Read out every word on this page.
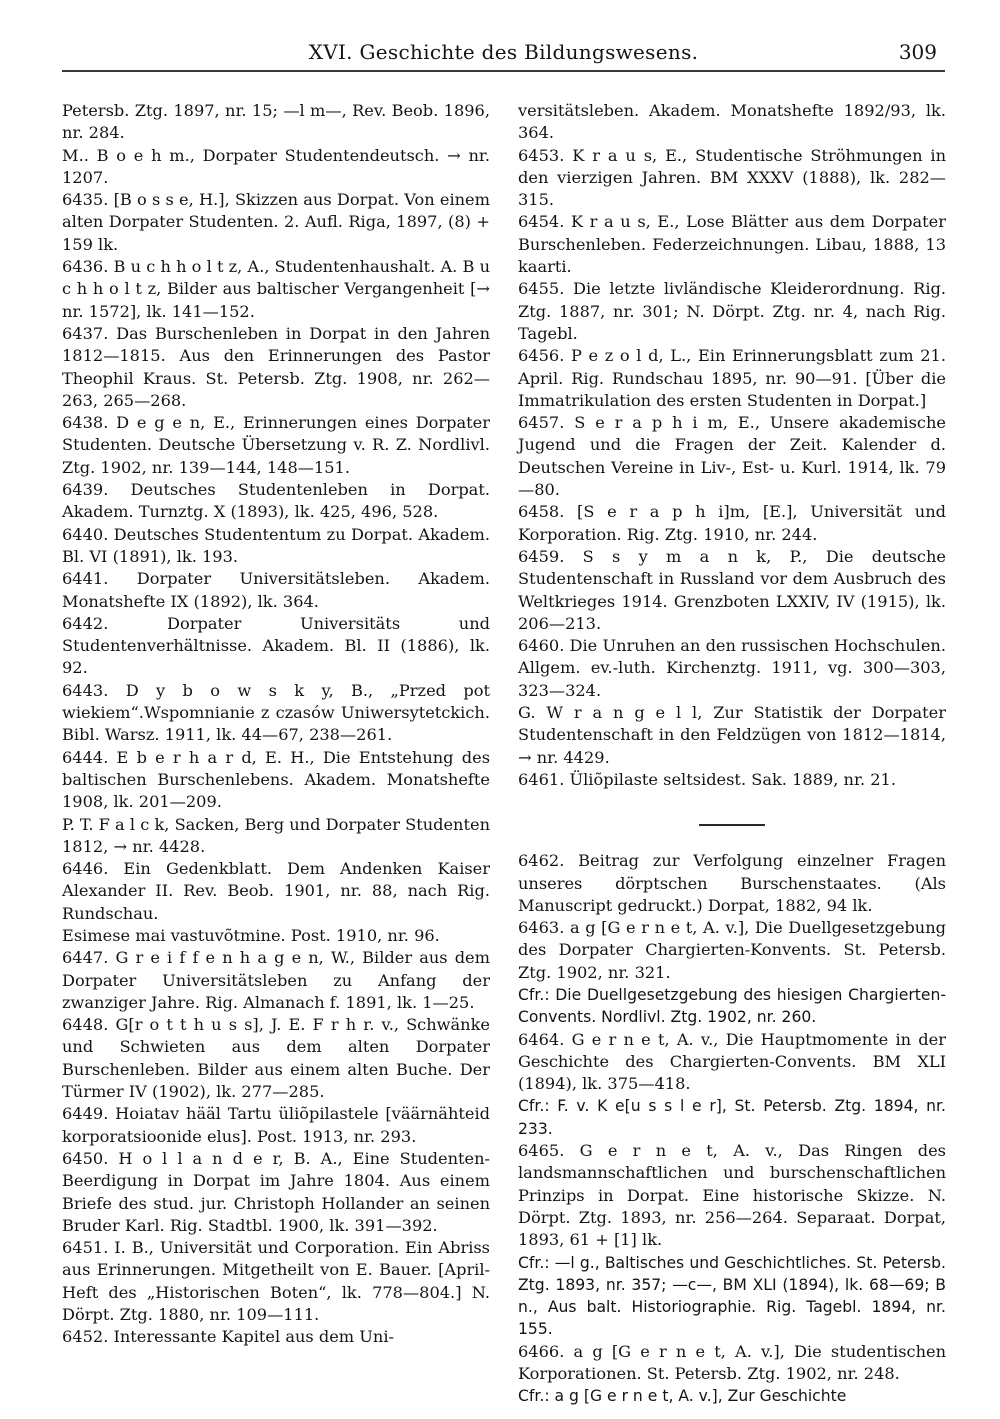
XVI. Geschichte des Bildungswesens.	309

Petersb. Ztg. 1897, nr. 15; —l m—, Rev. Beob. 1896, nr. 284.

M.. B o e h m., Dorpater Studentendeutsch. → nr. 1207.

6435. [B o s s e, H.], Skizzen aus Dorpat. Von einem alten Dorpater Studenten. 2. Aufl. Riga, 1897, (8) + 159 lk.

6436. B u c h h o l t z, A., Studentenhaushalt. A. B u c h h o l t z, Bilder aus baltischer Vergangenheit [→ nr. 1572], lk. 141—152.

6437. Das Burschenleben in Dorpat in den Jahren 1812—1815. Aus den Erinnerungen des Pastor Theophil Kraus. St. Petersb. Ztg. 1908, nr. 262—263, 265—268.

6438. D e g e n, E., Erinnerungen eines Dorpater Studenten. Deutsche Übersetzung v. R. Z. Nordlivl. Ztg. 1902, nr. 139—144, 148—151.

6439. Deutsches Studentenleben in Dorpat. Akadem. Turnztg. X (1893), lk. 425, 496, 528.

6440. Deutsches Studententum zu Dorpat. Akadem. Bl. VI (1891), lk. 193.

6441. Dorpater Universitätsleben. Akadem. Monatshefte IX (1892), lk. 364.

6442. Dorpater Universitäts und Studentenverhältnisse. Akadem. Bl. II (1886), lk. 92.

6443. D y b o w s k y, B., „Przed pot wiekiem“.Wspomnianie z czasów Uniwersytetckich. Bibl. Warsz. 1911, lk. 44—67, 238—261.

6444. E b e r h a r d, E. H., Die Entstehung des baltischen Burschenlebens. Akadem. Monatshefte 1908, lk. 201—209.

P. T. F a l c k, Sacken, Berg und Dorpater Studenten 1812, → nr. 4428.

6446. Ein Gedenkblatt. Dem Andenken Kaiser Alexander II. Rev. Beob. 1901, nr. 88, nach Rig. Rundschau.

Esimese mai vastuvõtmine. Post. 1910, nr. 96.

6447. G r e i f f e n h a g e n, W., Bilder aus dem Dorpater Universitätsleben zu Anfang der zwanziger Jahre. Rig. Almanach f. 1891, lk. 1—25.

6448. G[r o t t h u s s], J. E. F r h r. v., Schwänke und Schwieten aus dem alten Dorpater Burschenleben. Bilder aus einem alten Buche. Der Türmer IV (1902), lk. 277—285.

6449. Hoiatav hääl Tartu üliõpilastele [väärnähteid korporatsioonide elus]. Post. 1913, nr. 293.

6450. H o l l a n d e r, B. A., Eine Studenten-Beerdigung in Dorpat im Jahre 1804. Aus einem Briefe des stud. jur. Christoph Hollander an seinen Bruder Karl. Rig. Stadtbl. 1900, lk. 391—392.

6451. I. B., Universität und Corporation. Ein Abriss aus Erinnerungen. Mitgetheilt von E. Bauer. [April-Heft des „Historischen Boten“, lk. 778—804.] N. Dörpt. Ztg. 1880, nr. 109—111.

6452. Interessante Kapitel aus dem Uni-

versitätsleben. Akadem. Monatshefte 1892/93, lk. 364.

6453. K r a u s, E., Studentische Ströhmungen in den vierzigen Jahren. BM XXXV (1888), lk. 282—315.

6454. K r a u s, E., Lose Blätter aus dem Dorpater Burschenleben. Federzeichnungen. Libau, 1888, 13 kaarti.

6455. Die letzte livländische Kleiderordnung. Rig. Ztg. 1887, nr. 301; N. Dörpt. Ztg. nr. 4, nach Rig. Tagebl.

6456. P e z o l d, L., Ein Erinnerungsblatt zum 21. April. Rig. Rundschau 1895, nr. 90—91. [Über die Immatrikulation des ersten Studenten in Dorpat.]

6457. S e r a p h i m, E., Unsere akademische Jugend und die Fragen der Zeit. Kalender d. Deutschen Vereine in Liv-, Est- u. Kurl. 1914, lk. 79—80.

6458. [S e r a p h i]m, [E.], Universität und Korporation. Rig. Ztg. 1910, nr. 244.

6459. S s y m a n k, P., Die deutsche Studentenschaft in Russland vor dem Ausbruch des Weltkrieges 1914. Grenzboten LXXIV, IV (1915), lk. 206—213.

6460. Die Unruhen an den russischen Hochschulen. Allgem. ev.-luth. Kirchenztg. 1911, vg. 300—303, 323—324.

G. W r a n g e l l, Zur Statistik der Dorpater Studentenschaft in den Feldzügen von 1812—1814, → nr. 4429.

6461. Üliõpilaste seltsidest. Sak. 1889, nr. 21.

6462. Beitrag zur Verfolgung einzelner Fragen unseres dörptschen Burschenstaates. (Als Manuscript gedruckt.) Dorpat, 1882, 94 lk.

6463. a g [G e r n e t, A. v.], Die Duellgesetzgebung des Dorpater Chargierten-Konvents. St. Petersb. Ztg. 1902, nr. 321.

Cfr.: Die Duellgesetzgebung des hiesigen Chargierten-Convents. Nordlivl. Ztg. 1902, nr. 260.

6464. G e r n e t, A. v., Die Hauptmomente in der Geschichte des Chargierten-Convents. BM XLI (1894), lk. 375—418.

Cfr.: F. v. K e[u s s l e r], St. Petersb. Ztg. 1894, nr. 233.

6465. G e r n e t, A. v., Das Ringen des landsmannschaftlichen und burschenschaftlichen Prinzips in Dorpat. Eine historische Skizze. N. Dörpt. Ztg. 1893, nr. 256—264. Separaat. Dorpat, 1893, 61 + [1] lk.

Cfr.: —l g., Baltisches und Geschichtliches. St. Petersb. Ztg. 1893, nr. 357; —c—, BM XLI (1894), lk. 68—69; B n., Aus balt. Historiographie. Rig. Tagebl. 1894, nr. 155.

6466. a g [G e r n e t, A. v.], Die studentischen Korporationen. St. Petersb. Ztg. 1902, nr. 248.

Cfr.: a g [G e r n e t, A. v.], Zur Geschichte
